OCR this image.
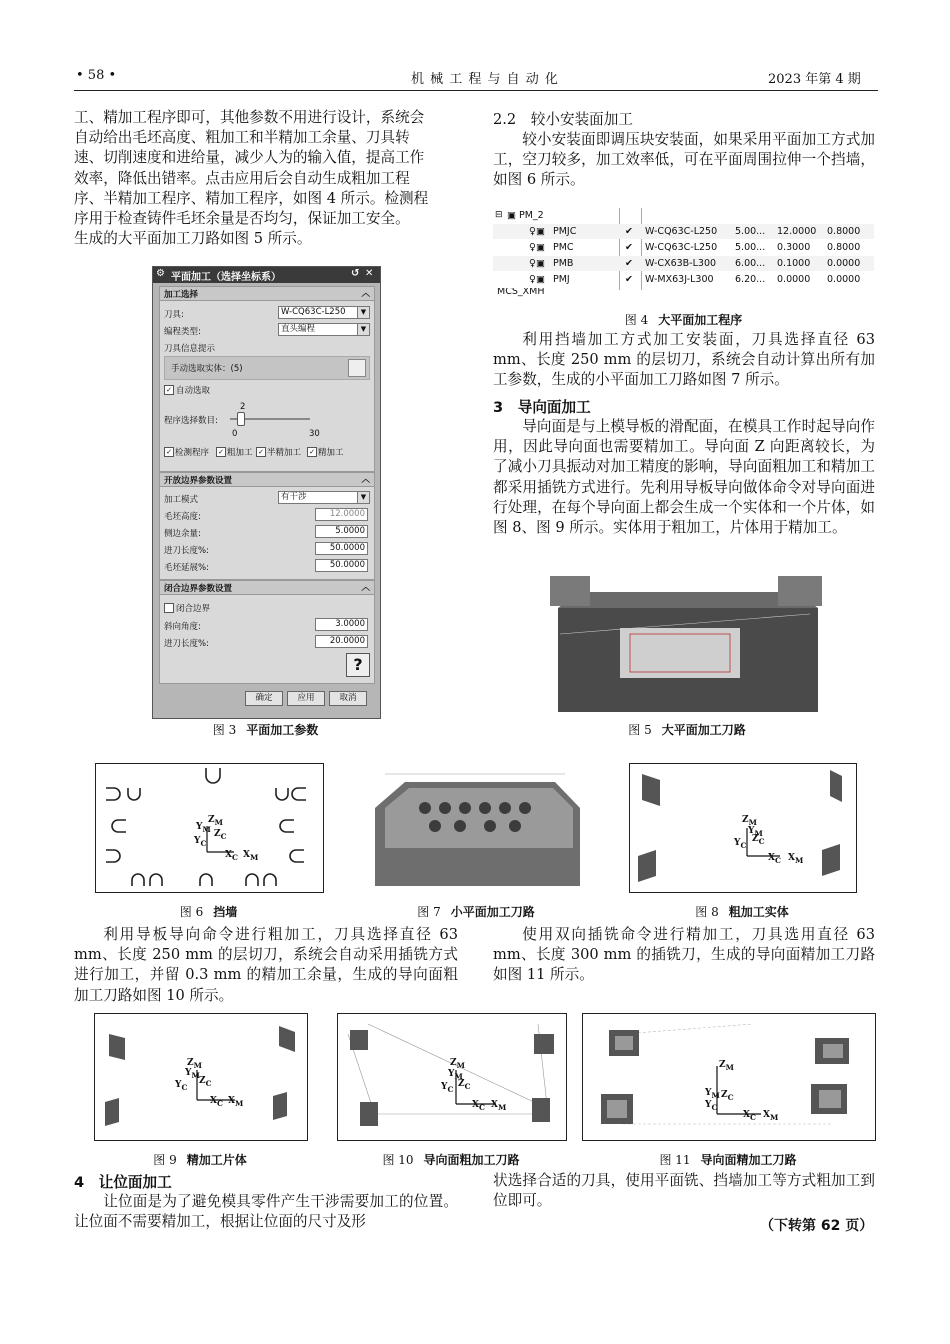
• 58 •	机 械 工 程 与 自 动 化	2023 年第 4 期
工、精加工程序即可，其他参数不用进行设计，系统会
自动给出毛坯高度、粗加工和半精加工余量、刀具转
速、切削速度和进给量，减少人为的输入值，提高工作
效率，降低出错率。点击应用后会自动生成粗加工程
序、半精加工程序、精加工程序，如图 4 所示。检测程
序用于检查铸件毛坯余量是否均匀，保证加工安全。
生成的大平面加工刀路如图 5 所示。
⚙ 平面加工（选择坐标系）	↺ ✕
加工选择	︿
刀具:	W-CQ63C-L250	▼
编程类型:	直头编程	▼
刀具信息提示
手动选取实体：(5)
✓ 自动选取
2
程序选择数目:
0	30
✓ 检测程序 ✓ 粗加工 ✓ 半精加工 ✓ 精加工
开放边界参数设置	︿
加工模式	有干涉	▼
毛坯高度:	12.0000
侧边余量:	5.0000
进刀长度%:	50.0000
毛坯延展%:	50.0000
闭合边界参数设置	︿
闭合边界
斜向角度:	3.0000
进刀长度%:	20.0000
?
确定	应用	取消
图 3 平面加工参数
2.2　较小安装面加工

较小安装面即调压块安装面，如果采用平面加工方式加工，空刀较多，加工效率低，可在平面周围拉伸一个挡墙，如图 6 所示。

⊟ ▣ PM_2
♀▣ PMJC	✔ W-CQ63C-L250 5.00... 12.0000 0.8000
♀▣ PMC	✔ W-CQ63C-L250 5.00... 0.3000 0.8000
♀▣ PMB	✔ W-CX63B-L300 6.00... 0.1000 0.0000
♀▣ PMJ	✔ W-MX63J-L300 6.20... 0.0000 0.0000
MCS_XMH
图 4 大平面加工程序

利用挡墙加工方式加工安装面，刀具选择直径 63 mm、长度 250 mm 的层切刀，系统会自动计算出所有加工参数，生成的小平面加工刀路如图 7 所示。

3　导向面加工

导向面是与上模导板的滑配面，在模具工作时起导向作用，因此导向面也需要精加工。导向面 Z 向距离较长，为了减小刀具振动对加工精度的影响，导向面粗加工和精加工都采用插铣方式进行。先利用导板导向做体命令对导向面进行处理，在每个导向面上都会生成一个实体和一个片体，如图 8、图 9 所示。实体用于粗加工，片体用于精加工。

图 5 大平面加工刀路
$Z_M$
$Y_M$ $Z_C$
$Y_C$
$X_C$ $X_M$
图 6 挡墙	图 7 小平面加工刀路
$Z_M$
$Y_M$
$Z_C$
$Y_C$
$X_C$ $X_M$
图 8 粗加工实体

利用导板导向命令进行粗加工，刀具选择直径 63 mm、长度 250 mm 的层切刀，系统会自动采用插铣方式进行加工，并留 0.3 mm 的精加工余量，生成的导向面粗加工刀路如图 10 所示。

使用双向插铣命令进行精加工，刀具选用直径 63 mm、长度 300 mm 的插铣刀，生成的导向面精加工刀路如图 11 所示。

$Z_M$
$Y_M$
$Z_C$
$Y_C$
$X_C$ $X_M$
图 9 精加工片体
$Z_M$
$Y_M$
$Z_C$
$Y_C$
$X_C$ $X_M$
图 10 导向面粗加工刀路
$Z_M$
$Y_M$ $Z_C$
$Y_C$
$X_C$ $X_M$
图 11 导向面精加工刀路
4　让位面加工

让位面是为了避免模具零件产生干涉需要加工的位置。让位面不需要精加工，根据让位面的尺寸及形

状选择合适的刀具，使用平面铣、挡墙加工等方式粗加工到位即可。

（下转第 62 页）
